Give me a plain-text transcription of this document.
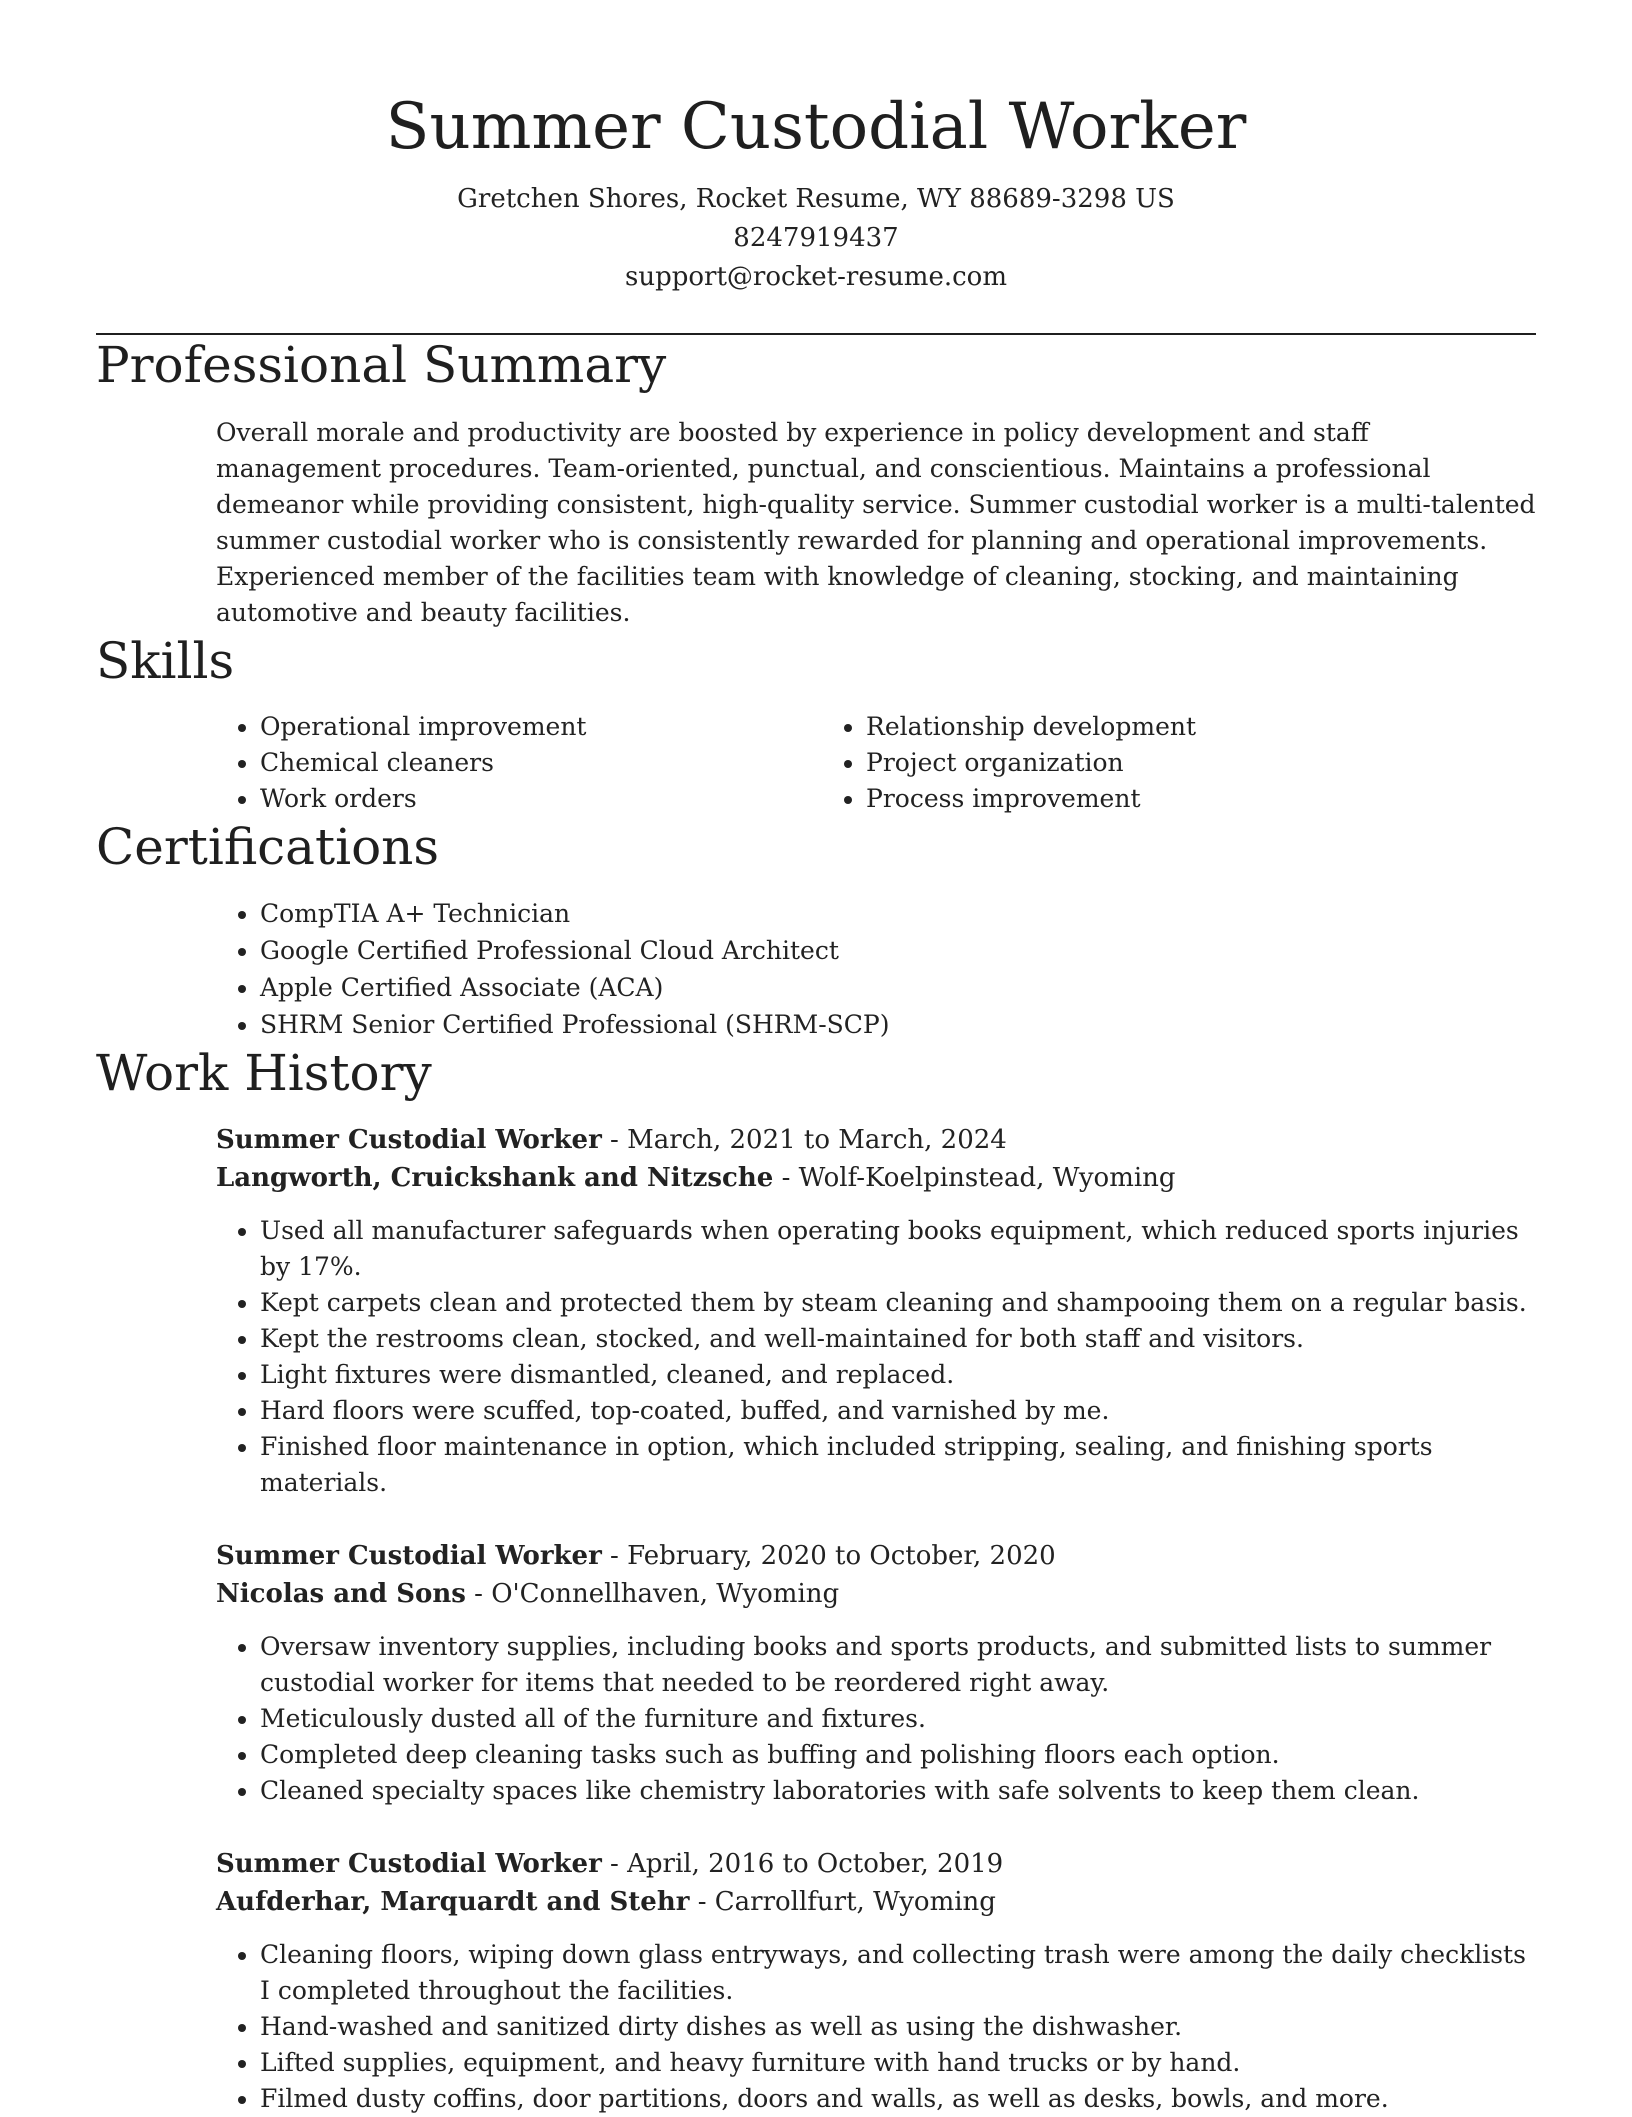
Summer Custodial Worker
Gretchen Shores, Rocket Resume, WY 88689-3298 US
8247919437
support@rocket-resume.com
Professional Summary
Overall morale and productivity are boosted by experience in policy development and staff management procedures. Team-oriented, punctual, and conscientious. Maintains a professional demeanor while providing consistent, high-quality service. Summer custodial worker is a multi-talented summer custodial worker who is consistently rewarded for planning and operational improvements. Experienced member of the facilities team with knowledge of cleaning, stocking, and maintaining automotive and beauty facilities.
Skills
• Operational improvement
• Chemical cleaners
• Work orders
• Relationship development
• Project organization
• Process improvement
Certifications
• CompTIA A+ Technician
• Google Certified Professional Cloud Architect
• Apple Certified Associate (ACA)
• SHRM Senior Certified Professional (SHRM-SCP)
Work History
Summer Custodial Worker - March, 2021 to March, 2024
Langworth, Cruickshank and Nitzsche - Wolf-Koelpinstead, Wyoming
• Used all manufacturer safeguards when operating books equipment, which reduced sports injuries by 17%.
• Kept carpets clean and protected them by steam cleaning and shampooing them on a regular basis.
• Kept the restrooms clean, stocked, and well-maintained for both staff and visitors.
• Light fixtures were dismantled, cleaned, and replaced.
• Hard floors were scuffed, top-coated, buffed, and varnished by me.
• Finished floor maintenance in option, which included stripping, sealing, and finishing sports materials.
Summer Custodial Worker - February, 2020 to October, 2020
Nicolas and Sons - O'Connellhaven, Wyoming
• Oversaw inventory supplies, including books and sports products, and submitted lists to summer custodial worker for items that needed to be reordered right away.
• Meticulously dusted all of the furniture and fixtures.
• Completed deep cleaning tasks such as buffing and polishing floors each option.
• Cleaned specialty spaces like chemistry laboratories with safe solvents to keep them clean.
Summer Custodial Worker - April, 2016 to October, 2019
Aufderhar, Marquardt and Stehr - Carrollfurt, Wyoming
• Cleaning floors, wiping down glass entryways, and collecting trash were among the daily checklists I completed throughout the facilities.
• Hand-washed and sanitized dirty dishes as well as using the dishwasher.
• Lifted supplies, equipment, and heavy furniture with hand trucks or by hand.
• Filmed dusty coffins, door partitions, doors and walls, as well as desks, bowls, and more.
